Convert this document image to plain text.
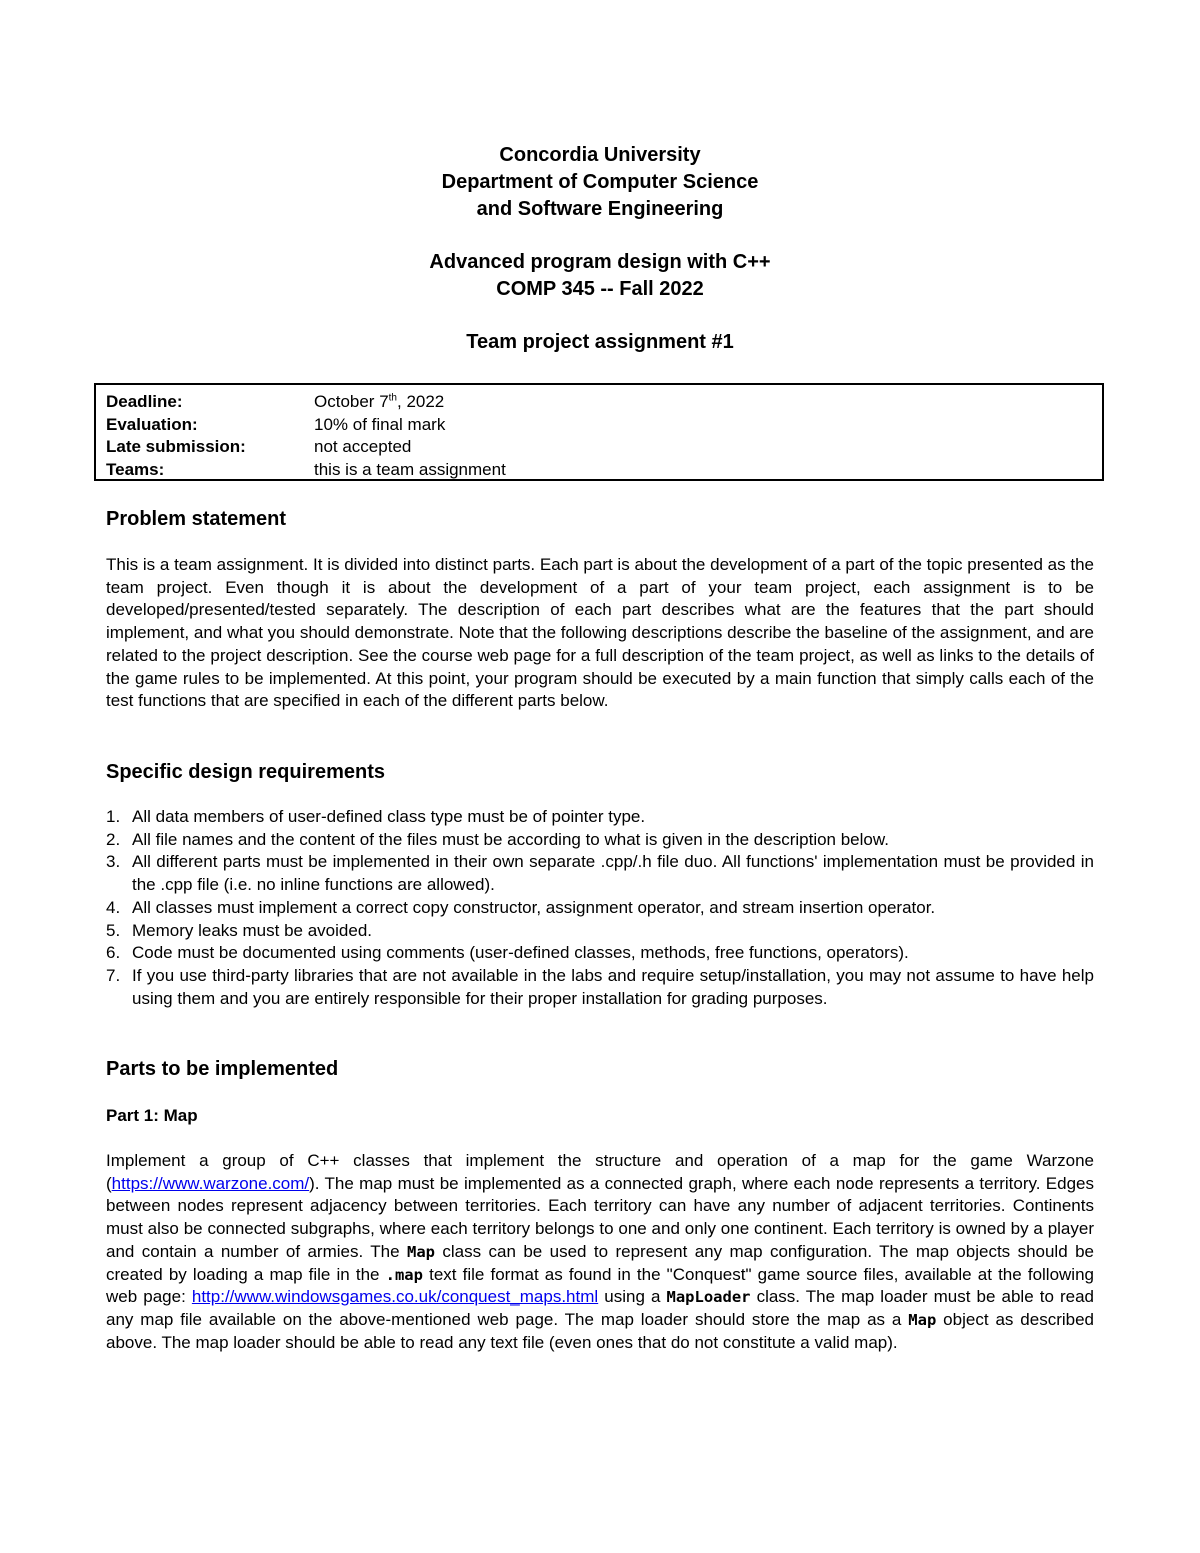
Concordia University
Department of Computer Science
and Software Engineering
Advanced program design with C++
COMP 345 -- Fall 2022
Team project assignment #1
Deadline:	October 7th, 2022
Evaluation:	10% of final mark
Late submission:	not accepted
Teams:	this is a team assignment
Problem statement
This is a team assignment. It is divided into distinct parts. Each part is about the development of a part of the topic presented as the team project. Even though it is about the development of a part of your team project, each assignment is to be developed/presented/tested separately. The description of each part describes what are the features that the part should implement, and what you should demonstrate. Note that the following descriptions describe the baseline of the assignment, and are related to the project description. See the course web page for a full description of the team project, as well as links to the details of the game rules to be implemented. At this point, your program should be executed by a main function that simply calls each of the test functions that are specified in each of the different parts below.
Specific design requirements
1. All data members of user-defined class type must be of pointer type.
2. All file names and the content of the files must be according to what is given in the description below.
3. All different parts must be implemented in their own separate .cpp/.h file duo. All functions' implementation must be provided in the .cpp file (i.e. no inline functions are allowed).
4. All classes must implement a correct copy constructor, assignment operator, and stream insertion operator.
5. Memory leaks must be avoided.
6. Code must be documented using comments (user-defined classes, methods, free functions, operators).
7. If you use third-party libraries that are not available in the labs and require setup/installation, you may not assume to have help using them and you are entirely responsible for their proper installation for grading purposes.
Parts to be implemented
Part 1: Map
Implement a group of C++ classes that implement the structure and operation of a map for the game Warzone (https://www.warzone.com/). The map must be implemented as a connected graph, where each node represents a territory. Edges between nodes represent adjacency between territories. Each territory can have any number of adjacent territories. Continents must also be connected subgraphs, where each territory belongs to one and only one continent. Each territory is owned by a player and contain a number of armies. The Map class can be used to represent any map configuration. The map objects should be created by loading a map file in the .map text file format as found in the "Conquest" game source files, available at the following web page: http://www.windowsgames.co.uk/conquest_maps.html using a MapLoader class. The map loader must be able to read any map file available on the above-mentioned web page. The map loader should store the map as a Map object as described above. The map loader should be able to read any text file (even ones that do not constitute a valid map).
